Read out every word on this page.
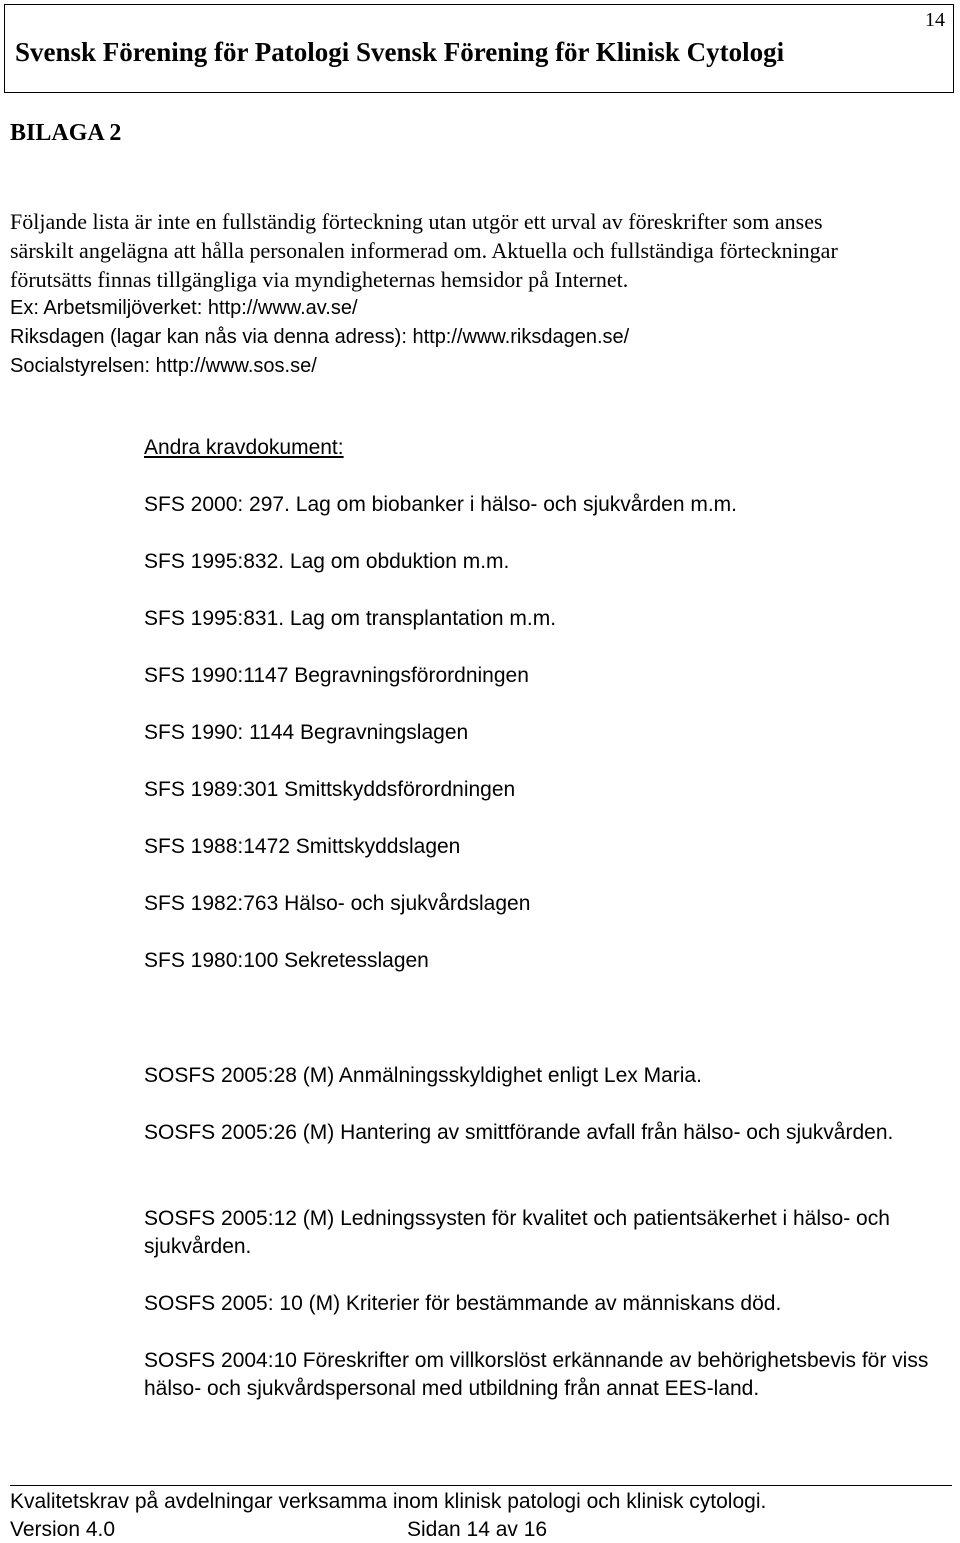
14
Svensk Förening för Patologi Svensk Förening för Klinisk Cytologi
BILAGA 2
Följande lista är inte en fullständig förteckning utan utgör ett urval av föreskrifter som anses
särskilt angelägna att hålla personalen informerad om. Aktuella och fullständiga förteckningar
förutsätts finnas tillgängliga via myndigheternas hemsidor på Internet.
Ex: Arbetsmiljöverket: http://www.av.se/
Riksdagen (lagar kan nås via denna adress): http://www.riksdagen.se/
Socialstyrelsen: http://www.sos.se/
Andra kravdokument:
SFS 2000: 297. Lag om biobanker i hälso- och sjukvården m.m.
SFS 1995:832. Lag om obduktion m.m.
SFS 1995:831. Lag om transplantation m.m.
SFS 1990:1147 Begravningsförordningen
SFS 1990: 1144 Begravningslagen
SFS 1989:301 Smittskyddsförordningen
SFS 1988:1472 Smittskyddslagen
SFS 1982:763 Hälso- och sjukvårdslagen
SFS 1980:100 Sekretesslagen
SOSFS 2005:28 (M) Anmälningsskyldighet enligt Lex Maria.
SOSFS 2005:26 (M) Hantering av smittförande avfall från hälso- och sjukvården.
SOSFS 2005:12 (M) Ledningssysten för kvalitet och patientsäkerhet i hälso- och sjukvården.
SOSFS 2005: 10 (M) Kriterier för bestämmande av människans död.
SOSFS 2004:10 Föreskrifter om villkorslöst erkännande av behörighetsbevis för viss hälso- och sjukvårdspersonal med utbildning från annat EES-land.
Kvalitetskrav på avdelningar verksamma inom klinisk patologi och klinisk cytologi.
Version 4.0	Sidan 14 av 16
